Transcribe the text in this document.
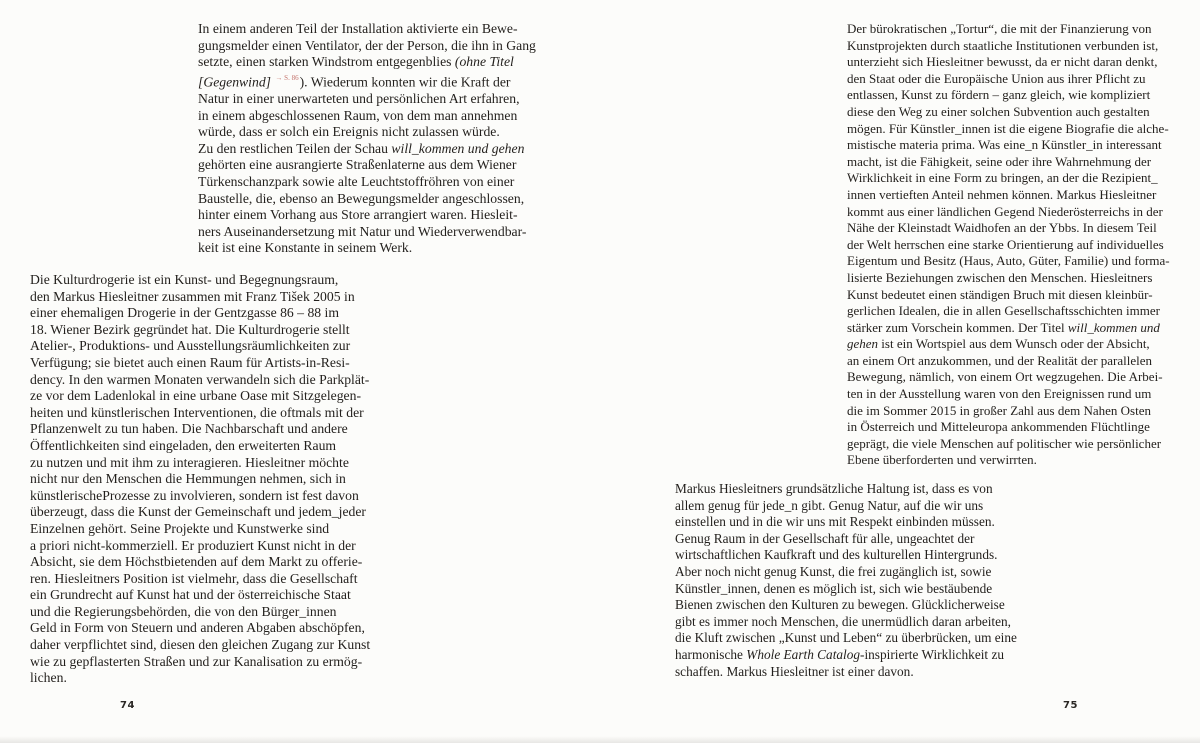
In einem anderen Teil der Installation aktivierte ein Bewe-
gungsmelder einen Ventilator, der der Person, die ihn in Gang
setzte, einen starken Windstrom entgegenblies (ohne Titel
[Gegenwind] $^{\to S. 86}$). Wiederum konnten wir die Kraft der
Natur in einer unerwarteten und persönlichen Art erfahren,
in einem abgeschlossenen Raum, von dem man annehmen
würde, dass er solch ein Ereignis nicht zulassen würde.
Zu den restlichen Teilen der Schau will_kommen und gehen
gehörten eine ausrangierte Straßenlaterne aus dem Wiener
Türkenschanzpark sowie alte Leuchtstoffröhren von einer
Baustelle, die, ebenso an Bewegungsmelder angeschlossen,
hinter einem Vorhang aus Store arrangiert waren. Hiesleit-
ners Auseinandersetzung mit Natur und Wiederverwendbar-
keit ist eine Konstante in seinem Werk.
Die Kulturdrogerie ist ein Kunst- und Begegnungsraum,
den Markus Hiesleitner zusammen mit Franz Tišek 2005 in
einer ehemaligen Drogerie in der Gentzgasse 86 – 88 im
18. Wiener Bezirk gegründet hat. Die Kulturdrogerie stellt
Atelier-, Produktions- und Ausstellungsräumlichkeiten zur
Verfügung; sie bietet auch einen Raum für Artists-in-Resi-
dency. In den warmen Monaten verwandeln sich die Parkplät-
ze vor dem Ladenlokal in eine urbane Oase mit Sitzgelegen-
heiten und künstlerischen Interventionen, die oftmals mit der
Pflanzenwelt zu tun haben. Die Nachbarschaft und andere
Öffentlichkeiten sind eingeladen, den erweiterten Raum
zu nutzen und mit ihm zu interagieren. Hiesleitner möchte
nicht nur den Menschen die Hemmungen nehmen, sich in
künstlerischeProzesse zu involvieren, sondern ist fest davon
überzeugt, dass die Kunst der Gemeinschaft und jedem_jeder
Einzelnen gehört. Seine Projekte und Kunstwerke sind
a priori nicht-kommerziell. Er produziert Kunst nicht in der
Absicht, sie dem Höchstbietenden auf dem Markt zu offerie-
ren. Hiesleitners Position ist vielmehr, dass die Gesellschaft
ein Grundrecht auf Kunst hat und der österreichische Staat
und die Regierungsbehörden, die von den Bürger_innen
Geld in Form von Steuern und anderen Abgaben abschöpfen,
daher verpflichtet sind, diesen den gleichen Zugang zur Kunst
wie zu gepflasterten Straßen und zur Kanalisation zu ermög-
lichen.
Der bürokratischen „Tortur“, die mit der Finanzierung von
Kunstprojekten durch staatliche Institutionen verbunden ist,
unterzieht sich Hiesleitner bewusst, da er nicht daran denkt,
den Staat oder die Europäische Union aus ihrer Pflicht zu
entlassen, Kunst zu fördern – ganz gleich, wie kompliziert
diese den Weg zu einer solchen Subvention auch gestalten
mögen. Für Künstler_innen ist die eigene Biografie die alche-
mistische materia prima. Was eine_n Künstler_in interessant
macht, ist die Fähigkeit, seine oder ihre Wahrnehmung der
Wirklichkeit in eine Form zu bringen, an der die Rezipient_
innen vertieften Anteil nehmen können. Markus Hiesleitner
kommt aus einer ländlichen Gegend Niederösterreichs in der
Nähe der Kleinstadt Waidhofen an der Ybbs. In diesem Teil
der Welt herrschen eine starke Orientierung auf individuelles
Eigentum und Besitz (Haus, Auto, Güter, Familie) und forma-
lisierte Beziehungen zwischen den Menschen. Hiesleitners
Kunst bedeutet einen ständigen Bruch mit diesen kleinbür-
gerlichen Idealen, die in allen Gesellschaftsschichten immer
stärker zum Vorschein kommen. Der Titel will_kommen und
gehen ist ein Wortspiel aus dem Wunsch oder der Absicht,
an einem Ort anzukommen, und der Realität der parallelen
Bewegung, nämlich, von einem Ort wegzugehen. Die Arbei-
ten in der Ausstellung waren von den Ereignissen rund um
die im Sommer 2015 in großer Zahl aus dem Nahen Osten
in Österreich und Mitteleuropa ankommenden Flüchtlinge
geprägt, die viele Menschen auf politischer wie persönlicher
Ebene überforderten und verwirrten.
Markus Hiesleitners grundsätzliche Haltung ist, dass es von
allem genug für jede_n gibt. Genug Natur, auf die wir uns
einstellen und in die wir uns mit Respekt einbinden müssen.
Genug Raum in der Gesellschaft für alle, ungeachtet der
wirtschaftlichen Kaufkraft und des kulturellen Hintergrunds.
Aber noch nicht genug Kunst, die frei zugänglich ist, sowie
Künstler_innen, denen es möglich ist, sich wie bestäubende
Bienen zwischen den Kulturen zu bewegen. Glücklicherweise
gibt es immer noch Menschen, die unermüdlich daran arbeiten,
die Kluft zwischen „Kunst und Leben“ zu überbrücken, um eine
harmonische Whole Earth Catalog-inspirierte Wirklichkeit zu
schaffen. Markus Hiesleitner ist einer davon.
74	75
